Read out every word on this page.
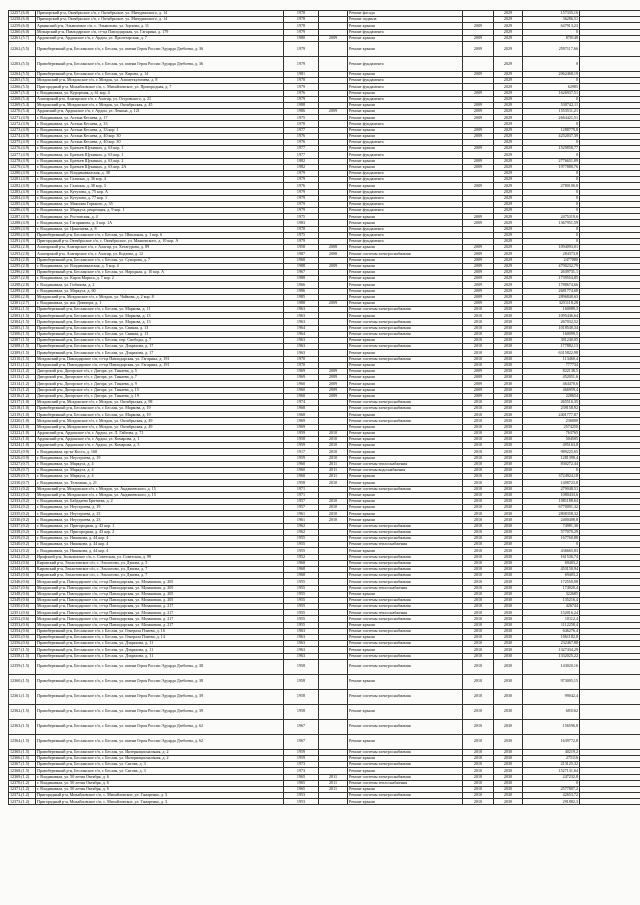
12257.(6.0)	Приморский р-н, Октябрьское с/п, г. Октябрьское, ул. Мичуринского, д. 14	1978		Ремонт фасада		2029	157335,16	
12258.(6.0)	Приморский р-н, Октябрьское с/п, г. Октябрьское, ул. Мичуринского, д. 14	1978		Ремонт подвала		2029	36286,51	
12259.(6.0)	Аркинский р-н, Эльмитовое с/п, с. Эльмитово, ул. Зорзова, д. 11	1978		Ремонт крыши	2009	2029	647913,23	
12260.(6.0)	Мозырский р-н, Павлодарское с/п, ст-ца Павлодарская, ул. Гагарина, д. 179	1979		Ремонт фундамента		2029	0	
12261.(5.7)	Ардонский р-н, Ардонское г/п, г. Ардон, ул. Пролетарская, д. 7	1980	2009	Ремонт крыши	2009	2029	870148	
12262.(5.5)	Правобережный р-н, Бесланское г/п, г. Беслан, ул. имени Героя России Эдуарда Дзебоева, д. 36	1979		Ремонт крыши	2009	2029	2597117,66	
12263.(5.5)	Правобережный р-н, Бесланское г/п, г. Беслан, ул. имени Героя России Эдуарда Дзебоева, д. 36	1979		Ремонт фундамента		2029	0	
12264.(5.5)	Правобережный р-н, Бесланское г/п, г. Беслан, ул. Кирова, д. 14	1981		Ремонт крыши	2009	2029	2062468,19	
12265.(5.5)	Моздокский р-н, Моздокское г/п, г. Моздок, ул. Алиметкуличева, д. 8	1978		Ремонт фундамента		2029	0	
12266.(5.5)	Пригородный р-н, Михайловское с/п, с. Михайловское, ул. Пригородная, д. 7	1979		Ремонт фундамента		2029	62985	
12267.(5.4)	г. Владикавказ, ул. Курортная, д. 61 кор. 4	1976		Ремонт крыши	2009	2029	1626937,51	
12268.(5.4)	Алагирский р-н, Алагирское г/п, г. Алагир, ул. Островского, д. 21	1979		Ремонт фундамента		2029	0	
12269.(5.4)	Моздокский р-н, Моздокское г/п, г. Моздок, ул. Октябрьская, д. 45	1988		Ремонт крыши	2009	2029	530742,11	
12270.(5.4)	Ардонский р-н, Ардонское г/п, г. Ардон, ул. Ленина, д. 121	1986	2009	Ремонт крыши	2009	2029	1553511,21	
12271.(4.9)	г. Владикавказ, ул. Астана Кесаева, д. 17	1975		Ремонт крыши	2009	2029	2664421,51	
12272.(4.9)	г. Владикавказ, ул. Астана Кесаева, д. 33	1978		Ремонт фундамента		2029	0	
12273.(4.9)	г. Владикавказ, ул. Астана Кесаева, д. 33 кор. 1	1977		Ремонт крыши	2009	2029	1288779,8	
12274.(4.9)	г. Владикавказ, ул. Астана Кесаева, д. 40 кор. 30	1976		Ремонт крыши	2009	2029	4252037,39	
12275.(4.9)	г. Владикавказ, ул. Астана Кесаева, д. 40 кор. 30	1976		Ремонт фундамента		2029	0	
12276.(4.9)	г. Владикавказ, ул. Братьев Щукиных, д. 63 кор. 1	1977		Ремонт крыши	2009	2029	1529858,77	
12277.(4.9)	г. Владикавказ, ул. Братьев Щукиных, д. 63 кор. 1	1977		Ремонт фундамента		2029	0	
12278.(4.9)	г. Владикавказ, ул. Братьев Щукиных, д. 63 кор. 2	1982		Ремонт крыши	2009	2029	2776651,09	
12279.(4.9)	г. Владикавказ, ул. Братьев Щукиных, д. 63 кор. 2А	1982		Ремонт крыши	2009	2029	1977880,76	
12280.(4.9)	г. Владикавказ, ул. Владикавказская, д. 38	1979		Ремонт фундамента		2029	0	
12281.(4.9)	г. Владикавказ, ул. Галкина, д. 36 кор. 4	1979		Ремонт фундамента		2029	0	
12282.(4.9)	г. Владикавказ, ул. Галкина, д. 38 кор. 3	1976		Ремонт крыши	2009	2029	2780100,8	
12283.(4.9)	г. Владикавказ, ул. Кутузова, д. 75 кор. А	1979		Ремонт фундамента		2029	0	
12284.(4.9)	г. Владикавказ, ул. Кутузова, д. 77 кор. 1	1979		Ремонт фундамента		2029	0	
12285.(4.9)	г. Владикавказ, ул. Максима Горького, д. 35	1979		Ремонт фундамента		2029	0	
12286.(4.9)	г. Владикавказ, ул. Маркуса, рекреация, д. 9 кор. 1	1979		Ремонт фундамента		2029	0	
12287.(4.9)	г. Владикавказ, ул. Ростовская, д. 4	1975		Ремонт крыши	2009	2029	2475319,6	
12288.(4.9)	г. Владикавказ, ул. Гагаринова, д. 3 кор. 1А	1983		Ремонт крыши	2009	2029	1367951,59	
12289.(4.9)	г. Владикавказ, ул. Цоколаева, д. 8	1978		Ремонт фундамента		2029	0	
12290.(4.9)	Правобережный р-н, Бесланское г/п, г. Беслан, ул. Школьная, д. 1 кор. 6	1975		Ремонт фундамента		2029	0	
12291.(4.9)	Пригородный р-н, Октябрьское с/п, с. Октябрьское, ул. Маяковского, д. 10 кор. А	1979		Ремонт фундамента		2029	0	
12292.(2.8)	Алагирский р-н, Алагирское г/п, г. Алагир, ул. Хетагурова, д. 89	1958	2008	Ремонт крыши	2009	2029	1094093,01	
12293.(2.8)	Алагирский р-н, Алагирское г/п, г. Алагир, ул. Кодзова, д. 12	1987	2008	Ремонт системы электроснабжения	2009	2029	284373,8	
12294.(2.8)	Правобережный р-н, Бесланское г/п, г. Беслан, ул. Суворова, д. 7	1968		Ремонт крыши	2009	2029	2477080	
12295.(2.8)	г. Владикавказ, ул. Владикавказская, д. 5 кор. 4	1988	2009	Ремонт крыши	2009	2029	4790232,79	
12296.(2.8)	Правобережный р-н, Бесланское г/п, г. Беслан, ул. Народная, д. 10 кор. А	1967		Ремонт крыши	2009	2029	2639731,1	
12297.(2.8)	г. Владикавказ, ул. Карла Маркса, д. 7 кор. 2	1988		Ремонт крыши	2009	2029	1739554,85	
12298.(2.8)	г. Владикавказ, ул. Гибизова, д. 2	1966		Ремонт крыши	2009	2029	1788674,66	
12299.(2.8)	г. Владикавказ, ул. Маркуса, д. 60	1986		Ремонт крыши	2009	2029	2681774,68	
12300.(2.8)	Моздокский р-н, Моздокское г/п, г. Моздок, ул. Чайкова, д. 2 кор. 8	1985		Ремонт крыши	2009	2029	2896840,63	
12301.(2.7)	г. Владикавказ, ул. им. Доватора, д. 1	1988	2009	Ремонт крыши	2009	2029	3251118,28	
12302.(1.5)	Правобережный р-н, Бесланское г/п, г. Беслан, ул. Маркова, д. 11	1963		Ремонт системы электроснабжения	2010	2030	160089,3	
12303.(1.5)	Правобережный р-н, Бесланское г/п, г. Беслан, ул. Маркова, д. 13	1963		Ремонт крыши	2010	2030	1095446,64	
12304.(1.5)	Правобережный р-н, Бесланское г/п, г. Беслан, ул. Маркова, д. 13	1963		Ремонт системы электроснабжения	2010	2030	267032,52	
12305.(1.5)	Правобережный р-н, Бесланское г/п, г. Беслан, ул. Свиная, д. 13	1964		Ремонт системы электроснабжения	2010	2030	1018540,34	
12306.(1.5)	Правобережный р-н, Бесланское г/п, г. Беслан, ул. Свиная, д. 13	1964		Ремонт системы электроснабжения	2010	2030	160099,5	
12307.(1.5)	Правобережный р-н, Бесланское г/п, г. Беслан, пер. Свободы, д. 7	1963		Ремонт крыши	2010	2030	391240,05	
12308.(1.5)	Правобережный р-н, Бесланское г/п, г. Беслан, ул. Дзарахова, д. 17	1963		Ремонт системы электроснабжения	2010	2030	177882,13	
12309.(1.5)	Правобережный р-н, Бесланское г/п, г. Беслан, ул. Дзарахова, д. 17	1963		Ремонт крыши	2010	2030	6315822,98	
12310.(1.5)	Моздокский р-н, Павлодарское с/п, ст-ца Павлодарская, ул. Гагарина, д. 191	1970		Ремонт системы электроснабжения	2010	2030	113460,4	
12311.(1.2)	Моздокский р-н, Павлодарское с/п, ст-ца Павлодарская, ул. Гагарина, д. 191	1970		Ремонт крыши	2010	2030	777734	
12312.(1.2)	Дигорский р-н, Дигорское г/п, г. Дигора, ул. Тинаева, д. 5	1969	2009	Ремонт крыши	2009	2030	822138,5	
12313.(1.2)	Дигорский р-н, Дигорское г/п, г. Дигора, ул. Тинаева, д. 7	1969	2009	Ремонт крыши	2009	2030	452051,6	
12314.(1.2)	Дигорский р-н, Дигорское г/п, г. Дигора, ул. Тинаева, д. 9	1960	2009	Ремонт крыши	2009	2030	464470,6	
12315.(1.2)	Дигорский р-н, Дигорское г/п, г. Дигора, ул. Тинаева, д. 15	1960	2009	Ремонт крыши	2009	2030	466959,4	
12316.(1.2)	Дигорский р-н, Дигорское г/п, г. Дигора, ул. Тинаева, д. 19	1960	2009	Ремонт крыши	2009	2030	228654	
12317.(1.0)	Моздокский р-н, Моздокское г/п, г. Моздок, ул. Октябрьская, д. 98	1974		Ремонт системы электроснабжения	2010	2030	265516,35	
12318.(1.0)	Правобережный р-н, Бесланское г/п, г. Беслан, ул. Маркова, д. 19	1968		Ремонт системы электроснабжения	2010	2030	239158,92	
12319.(1.0)	Правобережный р-н, Бесланское г/п, г. Беслан, ул. Маркова, д. 19	1968		Ремонт крыши	2010	2030	2401777,87	
12320.(1.0)	Моздокский р-н, Моздокское г/п, г. Моздок, ул. Октябрьская, д. 49	1969		Ремонт системы электроснабжения	2010	2030	236000	
12321.(1.0)	Моздокский р-н, Моздокское г/п, г. Моздок, ул. Октябрьская, д. 49	1969		Ремонт крыши	2010	2030	2574250	
12322.(1.0)	Ардонский р-н, Ардонское г/п, г. Ардон, ул. Л. Гайтова, д. 71	1959	2010	Ремонт крыши	2010	2030	763765	
12323.(1.0)	Ардонский р-н, Ардонское г/п, г. Ардон, ул. Комарова, д. 1	1958	2010	Ремонт крыши	2010	2030	504505	
12324.(1.0)	Ардонский р-н, Ардонское г/п, г. Ардон, ул. Комарова, д. 3	1959	2010	Ремонт крыши	2010	2030	495163,8	
12325.(0.9)	г. Владикавказ, пр-кт Коста, д. 168	1917	2010	Ремонт крыши	2010	2030	989225,65	
12326.(0.9)	г. Владикавказ, ул. Неустроева, д. 19	1959	2010	Ремонт крыши	2010	2030	1281398,4	
12327.(0.7)	г. Владикавказ, ул. Маркуса, д. 4	1960	2011	Ремонт системы теплоснабжения	2010	2030	830272,44	
12328.(0.7)	г. Владикавказ, ул. Маркуса, д. 4	1960	2011	Ремонт системы водоснабжения	2010	2030	0	
12329.(0.7)	г. Владикавказ, ул. Маркуса, д. 4	1960	2011	Ремонт крыши	2010	2030	3724924,18	
12330.(0.7)	г. Владикавказ, ул. Тельмана, д. 21	1958	2010	Ремонт крыши	2010	2030	1408723,8	
12331.(0.2)	Моздокский р-н, Моздокское г/п, г. Моздок, ул. Анджиевского, д. 15	1971		Ремонт системы электроснабжения	2010	2030	279048,51	
12332.(0.2)	Моздокский р-н, Моздокское г/п, г. Моздок, ул. Анджиевского, д. 15	1971		Ремонт крыши	2010	2030	1080433,6	
12333.(0.2)	г. Владикавказ, ул. Бабадаева Бритяева, д. 2	1957	2010	Ремонт крыши	2010	2030	1081188,64	
12334.(0.2)	г. Владикавказ, ул. Неустроева, д. 19	1957	2010	Ремонт крыши	2010	2030	6770091,32	
12335.(0.2)	г. Владикавказ, ул. Неустроева, д. 23	1961	2010	Ремонт крыши	2010	2030	2808358,32	
12336.(0.2)	г. Владикавказ, ул. Неустроева, д. 23	1961	2010	Ремонт крыши	2010	2030	2400408,8	
12337.(0.2)	г. Владикавказ, ул. Пригородная, д. 43 кор. 1	1962		Ремонт системы электроснабжения	2010	2030	74981,36	
12338.(0.2)	г. Владикавказ, ул. Пригородная, д. 43 кор. 2	1962		Ремонт системы электроснабжения	2010	2030	577070,29	
12339.(0.2)	г. Владикавказ, ул. Никонова, д. 44 кор. 4	1955		Ремонт системы электроснабжения	2010	2030	167760,88	
12340.(0.2)	г. Владикавказ, ул. Никонова, д. 44 кор. 4	1955		Ремонт системы теплоснабжения	2010	2030	0	
12341.(0.2)	г. Владикавказ, ул. Никонова, д. 44 кор. 4	1955		Ремонт крыши	2010	2030	436665,83	
12342.(0.2)	Ирафский р-н, Зильгинское с/п, с. Советская, ул. Советская, д. 99	1952		Ремонт системы электроснабжения	2010	2030	161536,74	
12343.(0.6)	Кировский р-н, Эльхотовское с/п, с. Эльхотово, ул. Дзиова, д. 5	1968		Ремонт системы электроснабжения	2010	2030	69403,2	
12344.(0.6)	Кировский р-н, Эльхотовское с/п, с. Эльхотово, ул. Дзиова, д. 7	1968		Ремонт системы электроснабжения	2010	2030	453150,94	
12345.(0.6)	Кировский р-н, Эльхотовское с/п, с. Эльхотово, ул. Дзиова, д. 7	1968		Ремонт системы электроснабжения	2010	2030	69403,2	
12346.(0.6)	Моздокский р-н, Павлодарское с/п, ст-ца Павлодарская, ул. Мозаковаш, д. 205	1955		Ремонт системы электроснабжения	2010	2030	172550,08	
12347.(0.6)	Моздокский р-н, Павлодарское с/п, ст-ца Павлодарская, ул. Мозаковаш, д. 205	1955		Ремонт системы теплоснабжения	2010	2030	174920,4	
12348.(0.6)	Моздокский р-н, Павлодарское с/п, ст-ца Павлодарская, ул. Мозаковаш, д. 205	1955		Ремонт крыши	2010	2030	322685	
12349.(0.6)	Моздокский р-н, Павлодарское с/п, ст-ца Павлодарская, ул. Мозаковаш, д. 205	1955		Ремонт системы электроснабжения	2010	2030	135216,4	
12350.(0.6)	Моздокский р-н, Павлодарское с/п, ст-ца Павлодарская, ул. Мозаковаш, д. 217	1955		Ремонт системы электроснабжения	2010	2030	426744	
12351.(0.6)	Моздокский р-н, Павлодарское с/п, ст-ца Павлодарская, ул. Мозаковаш, д. 217	1955		Ремонт системы теплоснабжения	2010	2030	152016,24	
12352.(0.6)	Моздокский р-н, Павлодарское с/п, ст-ца Павлодарская, ул. Мозаковаш, д. 217	1955		Ремонт системы электроснабжения	2010	2030	10112,4	
12353.(0.6)	Моздокский р-н, Павлодарское с/п, ст-ца Павлодарская, ул. Мозаковаш, д. 217	1955		Ремонт крыши	2010	2030	1112258,4	
12354.(0.6)	Правобережный р-н, Бесланское г/п, г. Беслан, ул. Генерала Плиева, д. 16	1963		Ремонт системы электроснабжения	2010	2030	646276,4	
12355.(0.6)	Правобережный р-н, Бесланское г/п, г. Беслан, ул. Генерала Плиева, д. 14	1963		Ремонт крыши	2010	2030	1061182,8	
12356.(0.6)	Правобережный р-н, Бесланское г/п, г. Беслан, ул. Дзарахова, д. 11	1963		Ремонт системы электроснабжения	2010	2030	232467,88	
12357.(1.5)	Правобережный р-н, Бесланское г/п, г. Беслан, ул. Дзарахова, д. 11	1963		Ремонт крыши	2010	2030	1327434,29	
12358.(1.5)	Правобережный р-н, Бесланское г/п, г. Беслан, ул. Дзарахова, д. 11	1963		Ремонт системы электроснабжения	2010	2030	1332025,22	
12359.(1.5)	Правобережный р-н, Бесланское г/п, г. Беслан, ул. имени Героя России Эдуарда Дзебоева, д. 38	1958		Ремонт системы электроснабжения	2010	2030	143020,16	
12360.(1.5)	Правобережный р-н, Бесланское г/п, г. Беслан, ул. имени Героя России Эдуарда Дзебоева, д. 38	1958		Ремонт крыши	2010	2030	973005,15	
12361.(1.5)	Правобережный р-н, Бесланское г/п, г. Беслан, ул. имени Героя России Эдуарда Дзебоева, д. 39	1958		Ремонт системы электроснабжения	2010	2030	99042,4	
12362.(1.5)	Правобережный р-н, Бесланское г/п, г. Беслан, ул. имени Героя России Эдуарда Дзебоева, д. 39	1958		Ремонт крыши	2010	2030	683162	
12363.(1.5)	Правобережный р-н, Бесланское г/п, г. Беслан, ул. имени Героя России Эдуарда Дзебоева, д. 62	1967		Ремонт системы электроснабжения	2010	2030	156596,8	
12364.(1.5)	Правобережный р-н, Бесланское г/п, г. Беслан, ул. имени Героя России Эдуарда Дзебоева, д. 62	1967		Ремонт крыши	2010	2030	1639772,8	
12365.(1.5)	Правобережный р-н, Бесланское г/п, г. Беслан, ул. Интернациональная, д. 2	1959		Ремонт системы электроснабжения	2010	2030	40219,2	
12366.(1.5)	Правобережный р-н, Бесланское г/п, г. Беслан, ул. Интернациональная, д. 2	1959		Ремонт крыши	2010	2030	275116	
12367.(1.5)	Правобережный р-н, Бесланское г/п, г. Беслан, ул. Сигова, д. 3	1973		Ремонт системы электроснабжения	2010	2030	213125,32	
12368.(1.5)	Правобережный р-н, Бесланское г/п, г. Беслан, ул. Сигова, д. 3	1973		Ремонт крыши	2010	2030	1527131,64	
12369.(1.2)	г. Владикавказ, ул. 50 летия Октября, д. 6	1965	2011	Ремонт системы электроснабжения	2010	2030	247232,8	
12370.(1.2)	г. Владикавказ, ул. 50 летия Октября, д. 6	1965	2011	Ремонт системы теплоснабжения	2010	2030	0	
12371.(1.2)	г. Владикавказ, ул. 50 летия Октября, д. 6	1965	2011	Ремонт крыши	2010	2030	2577807,2	
12372.(1.2)	Пригородный р-н, Михайловское с/п, с. Михайловское, ул. Гамаренко, д. 3	1953		Ремонт системы электроснабжения	2010	2030	42653,72	
12373.(1.2)	Пригородный р-н, Михайловское с/п, с. Михайловское, ул. Гамаренко, д. 3	1953		Ремонт крыши	2010	2030	291882,3	
